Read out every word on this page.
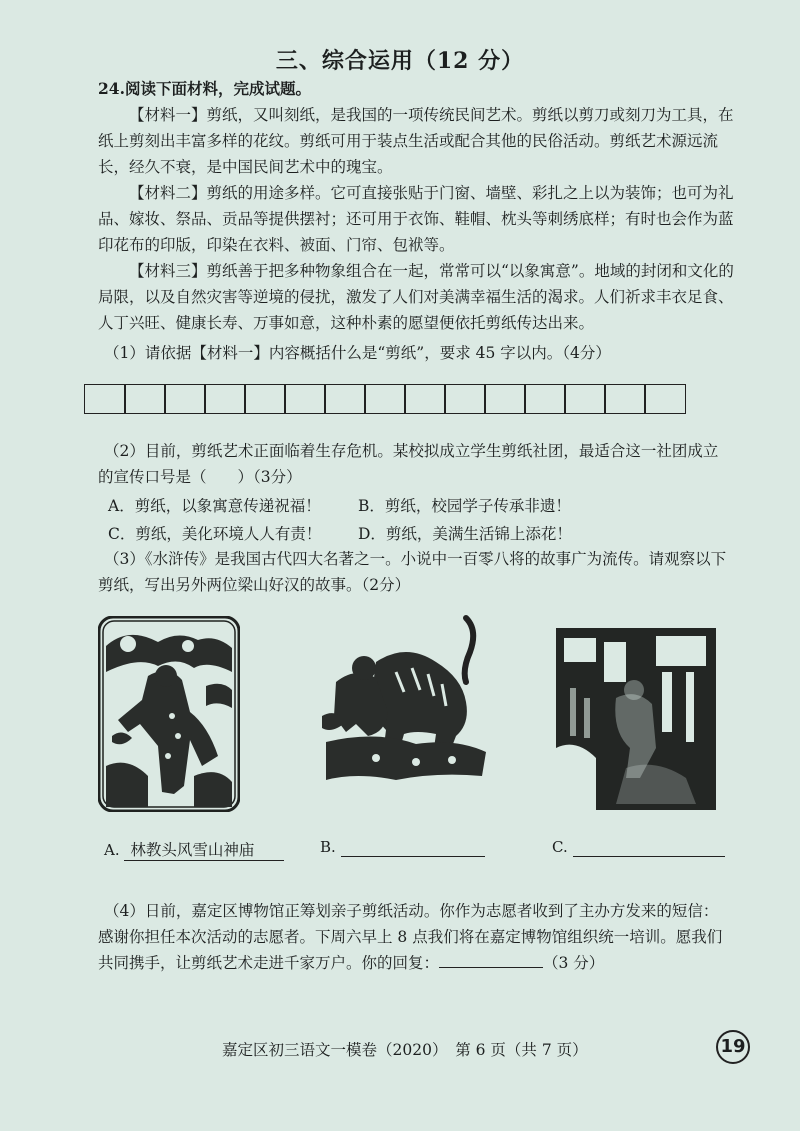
三、综合运用（12 分）
24.阅读下面材料，完成试题。
【材料一】剪纸，又叫刻纸，是我国的一项传统民间艺术。剪纸以剪刀或刻刀为工具，在纸上剪刻出丰富多样的花纹。剪纸可用于装点生活或配合其他的民俗活动。剪纸艺术源远流长，经久不衰，是中国民间艺术中的瑰宝。
【材料二】剪纸的用途多样。它可直接张贴于门窗、墙壁、彩扎之上以为装饰；也可为礼品、嫁妆、祭品、贡品等提供摆衬；还可用于衣饰、鞋帽、枕头等刺绣底样；有时也会作为蓝印花布的印版，印染在衣料、被面、门帘、包袱等。
【材料三】剪纸善于把多种物象组合在一起，常常可以“以象寓意”。地域的封闭和文化的局限，以及自然灾害等逆境的侵扰，激发了人们对美满幸福生活的渴求。人们祈求丰衣足食、人丁兴旺、健康长寿、万事如意，这种朴素的愿望便依托剪纸传达出来。
（1）请依据【材料一】内容概括什么是“剪纸”，要求 45 字以内。（4分）
（2）目前，剪纸艺术正面临着生存危机。某校拟成立学生剪纸社团，最适合这一社团成立
的宣传口号是（　　）（3分）
A．剪纸，以象寓意传递祝福！	B．剪纸，校园学子传承非遗！
C．剪纸，美化环境人人有责！	D．剪纸，美满生活锦上添花！
（3）《水浒传》是我国古代四大名著之一。小说中一百零八将的故事广为流传。请观察以下
剪纸，写出另外两位梁山好汉的故事。（2分）
A. 林教头风雪山神庙	B.	C.
（4）日前，嘉定区博物馆正筹划亲子剪纸活动。你作为志愿者收到了主办方发来的短信：
感谢你担任本次活动的志愿者。下周六早上 8 点我们将在嘉定博物馆组织统一培训。愿我们
共同携手，让剪纸艺术走进千家万户。你的回复：	（3 分）
嘉定区初三语文一模卷（2020）　第 6 页（共 7 页）	19
